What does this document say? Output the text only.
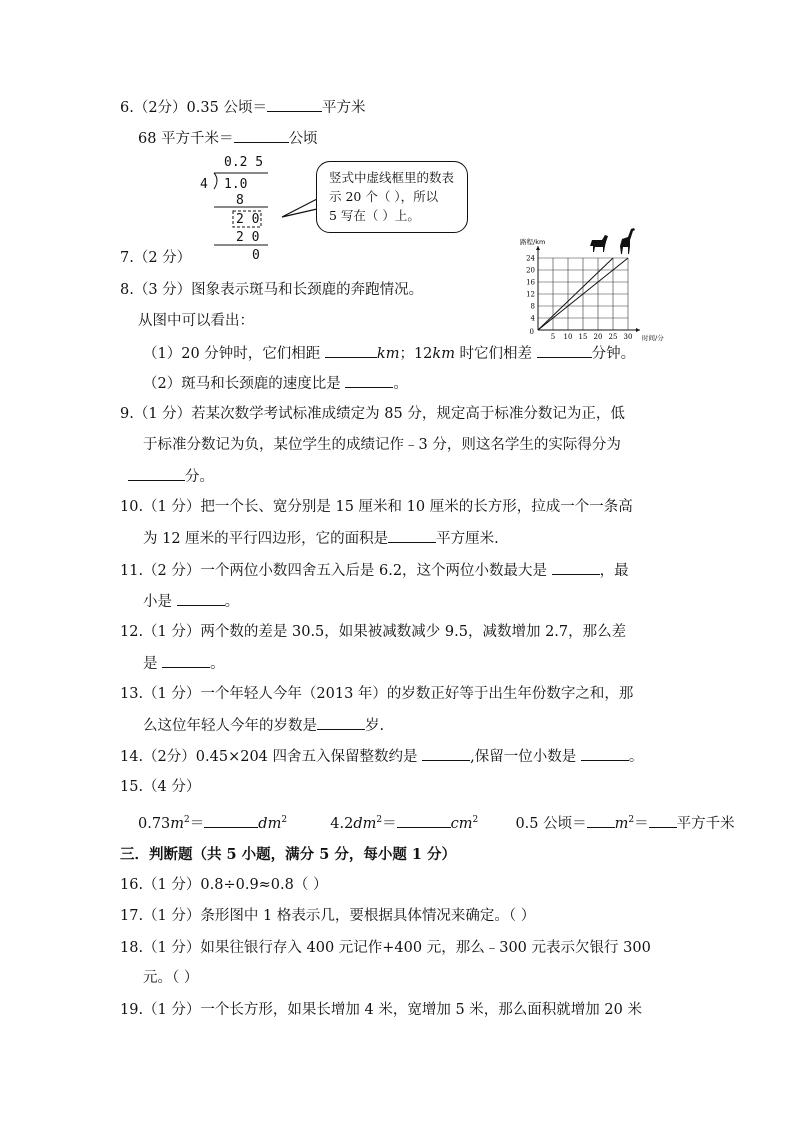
6.（2分）0.35 公顷＝	平方米
68 平方千米＝	公顷
0.2 5
4 1.0
8
2 0
2 0
0
竖式中虚线框里的数表
示 20 个（ ），所以
5 写在（ ）上。
7.（2 分）
5 10 15 20 25 30
4
8
12
16
20
24
0
路程/km
时间/分
8.（3 分）图象表示斑马和长颈鹿的奔跑情况。
从图中可以看出：
（1）20 分钟时，它们相距	km；12km 时它们相差	分钟。
（2）斑马和长颈鹿的速度比是	。
9.（1 分）若某次数学考试标准成绩定为 85 分，规定高于标准分数记为正，低
于标准分数记为负，某位学生的成绩记作﹣3 分，则这名学生的实际得分为
分。
10.（1 分）把一个长、宽分别是 15 厘米和 10 厘米的长方形，拉成一个一条高
为 12 厘米的平行四边形，它的面积是	平方厘米.
11.（2 分）一个两位小数四舍五入后是 6.2，这个两位小数最大是	，最
小是	。
12.（1 分）两个数的差是 30.5，如果被减数减少 9.5，减数增加 2.7，那么差
是	。
13.（1 分）一个年轻人今年（2013 年）的岁数正好等于出生年份数字之和，那
么这位年轻人今年的岁数是	岁.
14.（2分）0.45×204 四舍五入保留整数约是	,保留一位小数是	。
15.（4 分）
$0.73m^2=$	$dm^2$	$4.2dm^2=$	$cm^2$	0.5 公顷＝ $m^2=$ 平方千米
三．判断题（共 5 小题，满分 5 分，每小题 1 分）
16.（1 分）0.8÷0.9≈0.8（ ）
17.（1 分）条形图中 1 格表示几，要根据具体情况来确定。（ ）
18.（1 分）如果往银行存入 400 元记作+400 元，那么﹣300 元表示欠银行 300
元。（ ）
19.（1 分）一个长方形，如果长增加 4 米，宽增加 5 米，那么面积就增加 20 米
